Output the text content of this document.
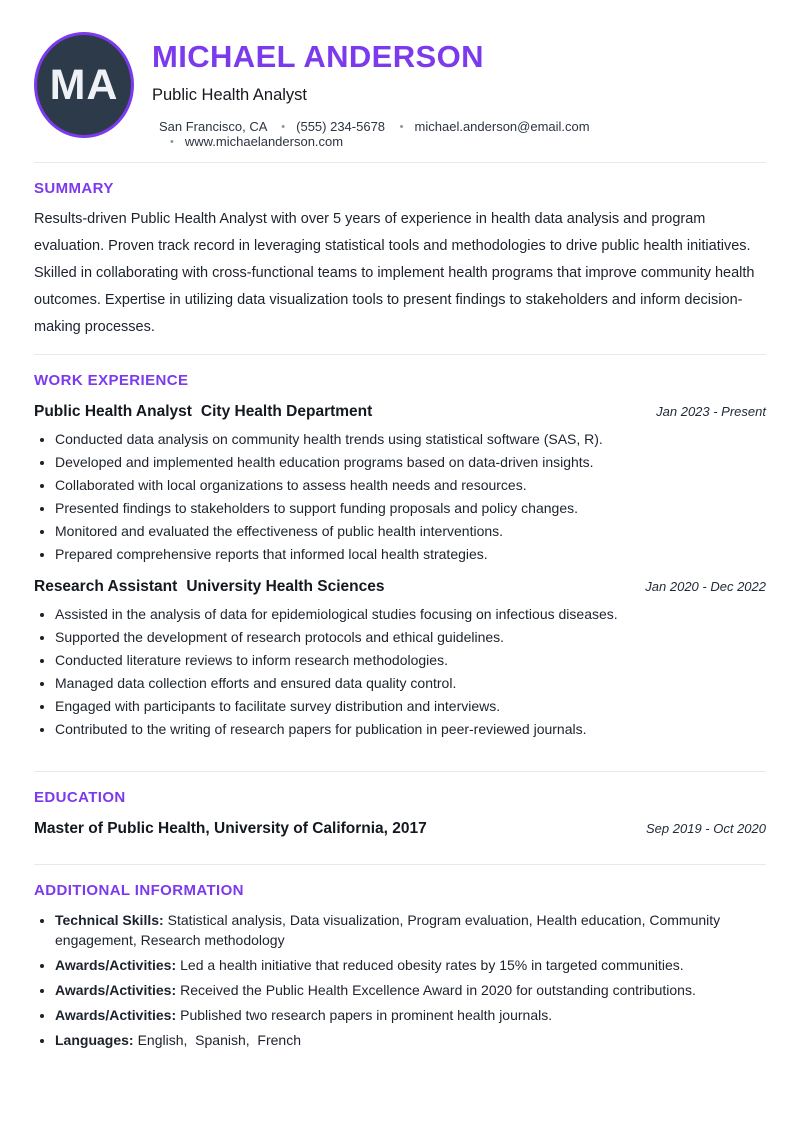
MA
MICHAEL ANDERSON
Public Health Analyst
San Francisco, CA • (555) 234-5678 • michael.anderson@email.com • www.michaelanderson.com
SUMMARY

Results-driven Public Health Analyst with over 5 years of experience in health data analysis and program evaluation. Proven track record in leveraging statistical tools and methodologies to drive public health initiatives. Skilled in collaborating with cross-functional teams to implement health programs that improve community health outcomes. Expertise in utilizing data visualization tools to present findings to stakeholders and inform decision-making processes.

WORK EXPERIENCE
Public Health Analyst City Health Department	Jan 2023 - Present
• Conducted data analysis on community health trends using statistical software (SAS, R).
• Developed and implemented health education programs based on data-driven insights.
• Collaborated with local organizations to assess health needs and resources.
• Presented findings to stakeholders to support funding proposals and policy changes.
• Monitored and evaluated the effectiveness of public health interventions.
• Prepared comprehensive reports that informed local health strategies.
Research Assistant University Health Sciences	Jan 2020 - Dec 2022
• Assisted in the analysis of data for epidemiological studies focusing on infectious diseases.
• Supported the development of research protocols and ethical guidelines.
• Conducted literature reviews to inform research methodologies.
• Managed data collection efforts and ensured data quality control.
• Engaged with participants to facilitate survey distribution and interviews.
• Contributed to the writing of research papers for publication in peer-reviewed journals.
EDUCATION
Master of Public Health, University of California, 2017	Sep 2019 - Oct 2020
ADDITIONAL INFORMATION
• Technical Skills: Statistical analysis, Data visualization, Program evaluation, Health education, Community engagement, Research methodology
• Awards/Activities: Led a health initiative that reduced obesity rates by 15% in targeted communities.
• Awards/Activities: Received the Public Health Excellence Award in 2020 for outstanding contributions.
• Awards/Activities: Published two research papers in prominent health journals.
• Languages: English,  Spanish,  French
